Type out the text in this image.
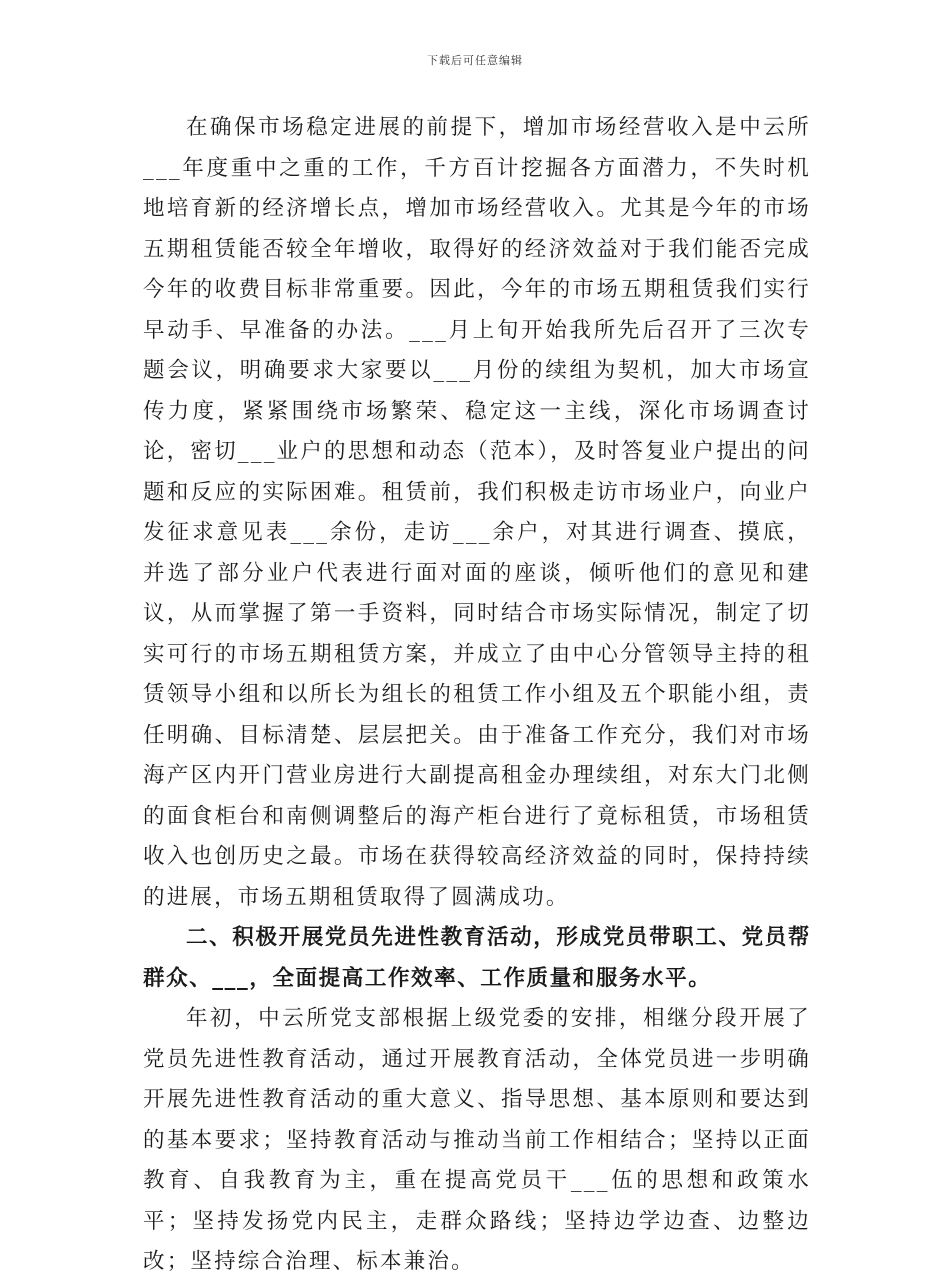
下载后可任意编辑

在确保市场稳定进展的前提下，增加市场经营收入是中云所___年度重中之重的工作，千方百计挖掘各方面潜力，不失时机地培育新的经济增长点，增加市场经营收入。尤其是今年的市场五期租赁能否较全年增收，取得好的经济效益对于我们能否完成今年的收费目标非常重要。因此，今年的市场五期租赁我们实行早动手、早准备的办法。___月上旬开始我所先后召开了三次专题会议，明确要求大家要以___月份的续组为契机，加大市场宣传力度，紧紧围绕市场繁荣、稳定这一主线，深化市场调查讨论，密切___业户的思想和动态（范本），及时答复业户提出的问题和反应的实际困难。租赁前，我们积极走访市场业户，向业户发征求意见表___余份，走访___余户，对其进行调查、摸底，并选了部分业户代表进行面对面的座谈，倾听他们的意见和建议，从而掌握了第一手资料，同时结合市场实际情况，制定了切实可行的市场五期租赁方案，并成立了由中心分管领导主持的租赁领导小组和以所长为组长的租赁工作小组及五个职能小组，责任明确、目标清楚、层层把关。由于准备工作充分，我们对市场海产区内开门营业房进行大副提高租金办理续组，对东大门北侧的面食柜台和南侧调整后的海产柜台进行了竟标租赁，市场租赁收入也创历史之最。市场在获得较高经济效益的同时，保持持续的进展，市场五期租赁取得了圆满成功。

二、积极开展党员先进性教育活动，形成党员带职工、党员帮群众、___，全面提高工作效率、工作质量和服务水平。

年初，中云所党支部根据上级党委的安排，相继分段开展了党员先进性教育活动，通过开展教育活动，全体党员进一步明确开展先进性教育活动的重大意义、指导思想、基本原则和要达到的基本要求；坚持教育活动与推动当前工作相结合；坚持以正面教育、自我教育为主，重在提高党员干___伍的思想和政策水平；坚持发扬党内民主，走群众路线；坚持边学边查、边整边改；坚持综合治理、标本兼治。
